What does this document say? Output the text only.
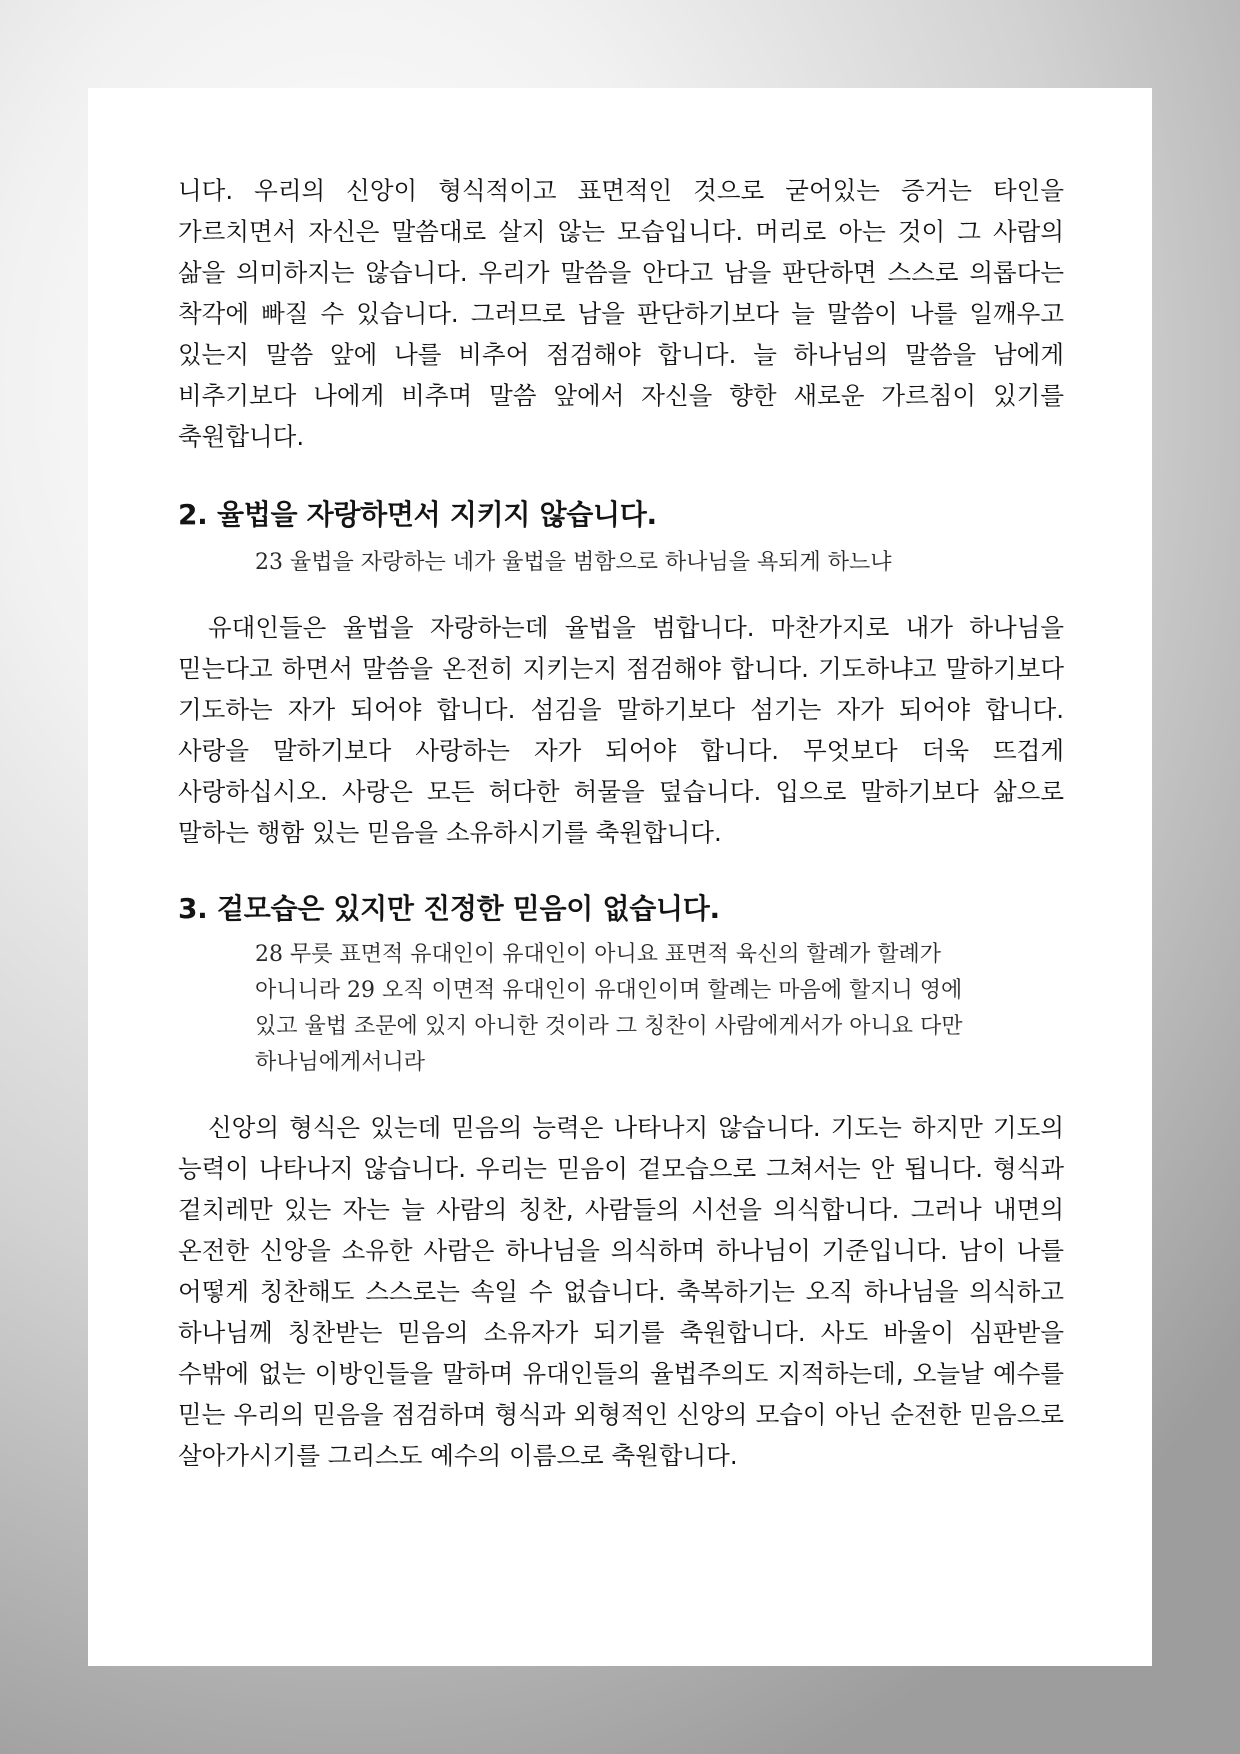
니다. 우리의 신앙이 형식적이고 표면적인 것으로 굳어있는 증거는 타인을 가르치면서 자신은 말씀대로 살지 않는 모습입니다. 머리로 아는 것이 그 사람의 삶을 의미하지는 않습니다. 우리가 말씀을 안다고 남을 판단하면 스스로 의롭다는 착각에 빠질 수 있습니다. 그러므로 남을 판단하기보다 늘 말씀이 나를 일깨우고 있는지 말씀 앞에 나를 비추어 점검해야 합니다. 늘 하나님의 말씀을 남에게 비추기보다 나에게 비추며 말씀 앞에서 자신을 향한 새로운 가르침이 있기를 축원합니다.

2. 율법을 자랑하면서 지키지 않습니다.

23 율법을 자랑하는 네가 율법을 범함으로 하나님을 욕되게 하느냐

유대인들은 율법을 자랑하는데 율법을 범합니다. 마찬가지로 내가 하나님을 믿는다고 하면서 말씀을 온전히 지키는지 점검해야 합니다. 기도하냐고 말하기보다 기도하는 자가 되어야 합니다. 섬김을 말하기보다 섬기는 자가 되어야 합니다. 사랑을 말하기보다 사랑하는 자가 되어야 합니다. 무엇보다 더욱 뜨겁게 사랑하십시오. 사랑은 모든 허다한 허물을 덮습니다. 입으로 말하기보다 삶으로 말하는 행함 있는 믿음을 소유하시기를 축원합니다.

3. 겉모습은 있지만 진정한 믿음이 없습니다.

28 무릇 표면적 유대인이 유대인이 아니요 표면적 육신의 할례가 할례가 아니니라 29 오직 이면적 유대인이 유대인이며 할례는 마음에 할지니 영에 있고 율법 조문에 있지 아니한 것이라 그 칭찬이 사람에게서가 아니요 다만 하나님에게서니라

신앙의 형식은 있는데 믿음의 능력은 나타나지 않습니다. 기도는 하지만 기도의 능력이 나타나지 않습니다. 우리는 믿음이 겉모습으로 그쳐서는 안 됩니다. 형식과 겉치레만 있는 자는 늘 사람의 칭찬, 사람들의 시선을 의식합니다. 그러나 내면의 온전한 신앙을 소유한 사람은 하나님을 의식하며 하나님이 기준입니다. 남이 나를 어떻게 칭찬해도 스스로는 속일 수 없습니다. 축복하기는 오직 하나님을 의식하고 하나님께 칭찬받는 믿음의 소유자가 되기를 축원합니다. 사도 바울이 심판받을 수밖에 없는 이방인들을 말하며 유대인들의 율법주의도 지적하는데, 오늘날 예수를 믿는 우리의 믿음을 점검하며 형식과 외형적인 신앙의 모습이 아닌 순전한 믿음으로 살아가시기를 그리스도 예수의 이름으로 축원합니다.
